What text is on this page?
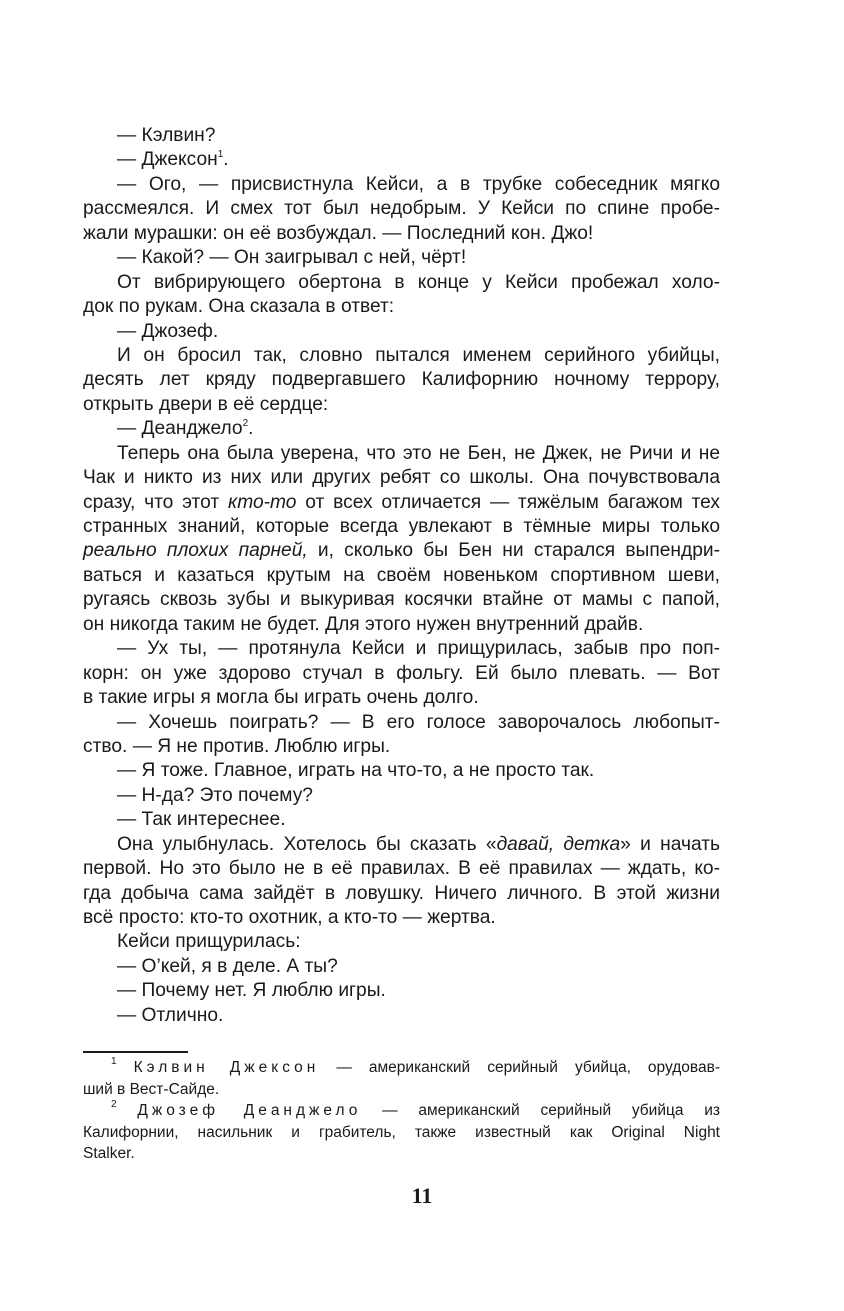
— Кэлвин?
— Джексон$^1$.
— Ого, — присвистнула Кейси, а в трубке собеседник мягко
рассмеялся. И смех тот был недобрым. У Кейси по спине пробе-
жали мурашки: он её возбуждал. — Последний кон. Джо!
— Какой? — Он заигрывал с ней, чёрт!
От вибрирующего обертона в конце у Кейси пробежал холо-
док по рукам. Она сказала в ответ:
— Джозеф.
И он бросил так, словно пытался именем серийного убийцы,
десять лет кряду подвергавшего Калифорнию ночному террору,
открыть двери в её сердце:
— Деанджело$^2$.
Теперь она была уверена, что это не Бен, не Джек, не Ричи и не
Чак и никто из них или других ребят со школы. Она почувствовала
сразу, что этот кто-то от всех отличается — тяжёлым багажом тех
странных знаний, которые всегда увлекают в тёмные миры только
реально плохих парней, и, сколько бы Бен ни старался выпендри-
ваться и казаться крутым на своём новеньком спортивном шеви,
ругаясь сквозь зубы и выкуривая косячки втайне от мамы с папой,
он никогда таким не будет. Для этого нужен внутренний драйв.
— Ух ты, — протянула Кейси и прищурилась, забыв про поп-
корн: он уже здорово стучал в фольгу. Ей было плевать. — Вот
в такие игры я могла бы играть очень долго.
— Хочешь поиграть? — В его голосе заворочалось любопыт-
ство. — Я не против. Люблю игры.
— Я тоже. Главное, играть на что-то, а не просто так.
— Н-да? Это почему?
— Так интереснее.
Она улыбнулась. Хотелось бы сказать «давай, детка» и начать
первой. Но это было не в её правилах. В её правилах — ждать, ко-
гда добыча сама зайдёт в ловушку. Ничего личного. В этой жизни
всё просто: кто-то охотник, а кто-то — жертва.
Кейси прищурилась:
— О’кей, я в деле. А ты?
— Почему нет. Я люблю игры.
— Отлично.
$^1$ Кэлвин Джексон — американский серийный убийца, орудовав-
ший в Вест-Сайде.
$^2$ Джозеф Деанджело — американский серийный убийца из
Калифорнии, насильник и грабитель, также известный как Original Night
Stalker.
11
